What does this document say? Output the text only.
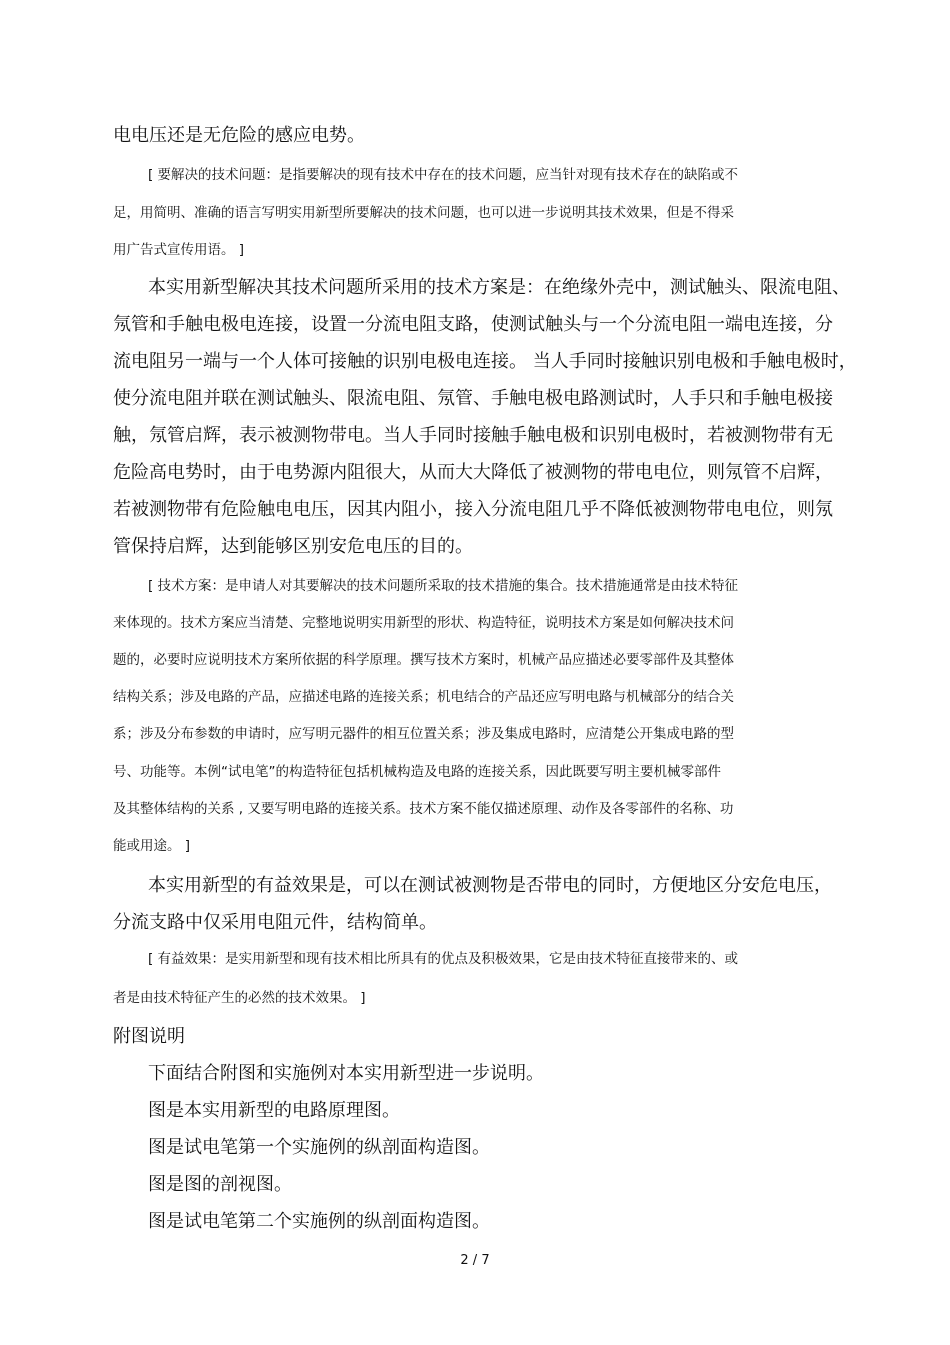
电电压还是无危险的感应电势。

[ 要解决的技术问题：是指要解决的现有技术中存在的技术问题，应当针对现有技术存在的缺陷或不

足，用简明、准确的语言写明实用新型所要解决的技术问题，也可以进一步说明其技术效果，但是不得采

用广告式宣传用语。 ]

本实用新型解决其技术问题所采用的技术方案是：在绝缘外壳中，测试触头、限流电阻、

氖管和手触电极电连接，设置一分流电阻支路，使测试触头与一个分流电阻一端电连接，分

流电阻另一端与一个人体可接触的识别电极电连接。 当人手同时接触识别电极和手触电极时，

使分流电阻并联在测试触头、限流电阻、氖管、手触电极电路测试时，人手只和手触电极接

触，氖管启辉，表示被测物带电。当人手同时接触手触电极和识别电极时，若被测物带有无

危险高电势时，由于电势源内阻很大，从而大大降低了被测物的带电电位，则氖管不启辉，

若被测物带有危险触电电压，因其内阻小，接入分流电阻几乎不降低被测物带电电位，则氖

管保持启辉，达到能够区别安危电压的目的。

[ 技术方案：是申请人对其要解决的技术问题所采取的技术措施的集合。技术措施通常是由技术特征

来体现的。技术方案应当清楚、完整地说明实用新型的形状、构造特征，说明技术方案是如何解决技术问

题的，必要时应说明技术方案所依据的科学原理。撰写技术方案时，机械产品应描述必要零部件及其整体

结构关系；涉及电路的产品，应描述电路的连接关系；机电结合的产品还应写明电路与机械部分的结合关

系；涉及分布参数的申请时，应写明元器件的相互位置关系；涉及集成电路时，应清楚公开集成电路的型

号、功能等。本例“试电笔”的构造特征包括机械构造及电路的连接关系，因此既要写明主要机械零部件

及其整体结构的关系 , 又要写明电路的连接关系。技术方案不能仅描述原理、动作及各零部件的名称、功

能或用途。 ]

本实用新型的有益效果是，可以在测试被测物是否带电的同时，方便地区分安危电压，

分流支路中仅采用电阻元件，结构简单。

[ 有益效果：是实用新型和现有技术相比所具有的优点及积极效果，它是由技术特征直接带来的、或

者是由技术特征产生的必然的技术效果。 ]

附图说明

下面结合附图和实施例对本实用新型进一步说明。

图是本实用新型的电路原理图。

图是试电笔第一个实施例的纵剖面构造图。

图是图的剖视图。

图是试电笔第二个实施例的纵剖面构造图。

2 / 7
